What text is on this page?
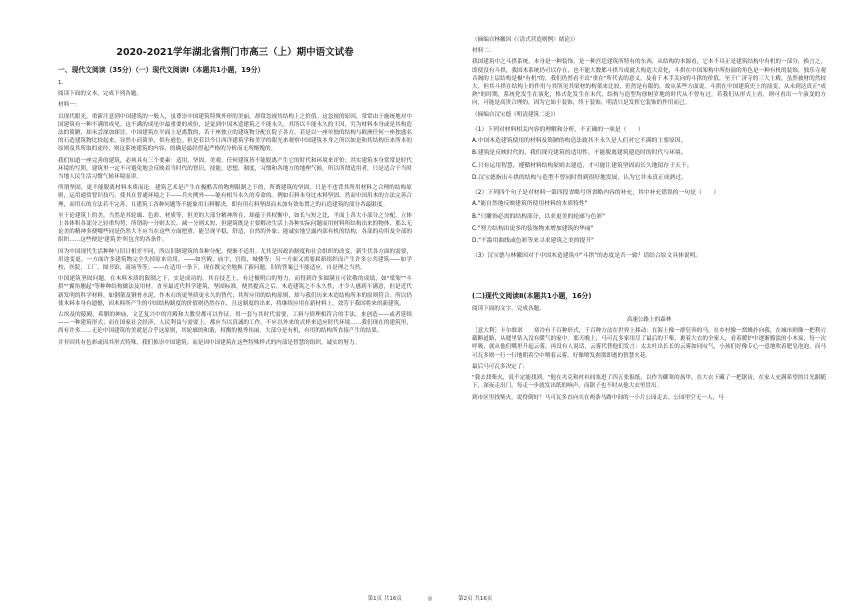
2020-2021学年湖北省荆门市高三（上）期中语文试卷
一、现代文阅读（35分）（一）现代文阅读Ⅰ（本题共1小题，19分）

1.

阅读下面的文本，完成下列各题。

材料一：

以现代眼光，重新注意到中国建筑的一般人，虽尊崇中国建筑特殊外形的美丽，却常忽视其结构上之价值。这忽视的原因，常常由于施统地对中国建筑有一种不满的成见。这不满的成见中最重要的成份，是觉到中国木造建筑之不能永久。其所以不能永久的主因，究为材料本身或是其构造法的简陋，却未尝深加探讨。中国建筑在平面上是离散的，若干座独立的建筑物分配在院子各方。若是以一座单独的结构与欧洲任何一座独盛名的石造建筑物比较起来，显然小而简单，似有逊色。但是若以今日西洋建筑学和美学的眼光来观察中国建筑本身之所以如是和其结构历来所本的原则及其所取的途径，则这系统建筑的内容，的确是最经得起严格的分析而无所惭愧的。

我们知道一座完善的建筑，必须具有三个要素：适用，坚固，美观。任何建筑皆不能脱离产生它的时代和环境来评价；其实建筑本身常常是时代环境的写照。建筑里一定不可避免地会反映着当时代的智识，技能，思想，制度，习惯和各地方的地理气候。所以所谓适用者，只是适合于当时当地人民生活习惯气候环境而讲。

所谓坚固，更不能脱离材料本质而论。建筑艺术是产生在极酷苦的物理限制之下的，所谓建筑的坚固，只是不违背其所用材料之合理的结构原则，运用通常智识技巧，使其在普通环境之下——兵火例外——能有相当永久的寿命的。例如石料本身比木料坚固，然而中国用木的方法完善合理，而用石的方法若不完善，且建筑工各种问题等不能象用石料解决，即有用石料坚固而未加有效布置之的石造建筑的部分各最限度。

至于论建筑上的美，当然是其轮廓、色彩、材质等，但美的大部分精神所在，却蕴于其权衡中，如长与短之比，平面上各大小部分之分配，立体上各体积各部分之轻重均势，所谓韵一分则太长，减一分则太短，但建筑既是主要解决生活上各种实际问题而用材料所结构出来的物体，那么无论美的精神多便哪些同是仍然大不应当在这些方面把重。能呈现平稳，舒适，自然的外象；能诚实地呈露内部有机的结构，各部的功用及全部的组织……这些便是'建筑美'所包含的各条件。

因为中国现代生活种种与旧日相差不同，所以旧制建筑的各种分配，便渐不适用。尤其是因政治制度和社会组织的改变，新生代各方面的需要，用途变更。一方面许多建筑物完全失掉原来功用，——如宫殿，庙宇，官衙，城楼等；另一方面又需要崭新组织而产生许多公共建筑——如学校，医院，工厂，图书馆，商场等等；——在适用一条下，现在既完全地换了新问题，旧的答案已不能适应，自是理之当然。

中国建筑坚固问题，在木料本质的限制之下，实是成功的。其在技艺上，有过极明白的努力，而得到许多圆满且可钦敬的成绩，如"梁架""斗拱""翼角翘起"等种种结构做法及用材。直至最近代科学建筑，坚固标准，便然提高之后，木造建筑之不永久性，才令人感到不满意，但是近代新发明的科学材料，如钢架及钢骨水泥，作木石的更坚质更永久的替代；其所应用的结构原则，却与我们历来木造结构所本的原则符合。所以仍使木料本身有遗憾，因木料所产生的中国结构制度的价值则仍然存在，且这制度的出来，将继续应用在新材料上，效劳于我国将来的新建筑。

古埃及的陵殿，希腊的神庙，文艺复兴中的宫殿和大教堂都可以作证，用一套与其时代需要，工料与情理相符合的手法，来创造——或者延续——一种建筑形式；而在国家社会经济，人民利益与需要上，都应当以真诚的工作。不应以外来的式样来适应时代环境……我们现在的建筑里，尚有许多……无论中国建筑的美就是合乎这原则，其轮廓的和谐，权衡的俊秀伟丽，大部分是有机，有用的结构所直接产生的结果。

并非因其有色彩或因其形式特殊，我们推崇中国建筑；而是因中国建筑在这些特殊样式的内部是智慧的组织，诚实的努力。

（摘编自林徽因《〈清式营造则例〉绪论》）

材料二：

我国建筑中之斗拱系统，本身是一种装饰，是一种宫廷建筑所特有的东西，从结构的本源看，它本不具正是建筑结构中有机的一部分，换言之，即使没有斗拱，我国木系统仍可以存在，也不能大数都斗拱当成就大构造大众化，斗拱在中国架构中所扮演的角色是一种有机的装饰，独乐寺观音阁的上层结构是极"有机"的，我们仍然看不出"重在"所代表的意义，及看千木手关向的斗拱的价值，至于广济寺的三大士殿，虽然被材的然较大，但其斗拱在结构上的作用与其所见其梁材的构架来比较，仍然是有限的，故从某些方面说，斗拱在中国建筑史上的演变，从未到达真正"成熟"的时期，系统化发生在演化，格式化发生在末代，结构与造型均徐树岁地的时代从不曾有过。若我们从形式上看，则可看出一个演变的方向，可能是高贵合理的，因为它始于装饰，终于装饰，明清只是发挥它装饰的作用而已。

（摘编自汉宝德《明清建筑二论》）

（1）下列对材料相关内容的理解和分析，不正确的一项是（　　）
A.中国木造建筑使用的材料及简陋的构造法致其不永久是人们对它不满的主要原因。
B.建筑是反映时代的，我们探究建筑的适用性，不能脱离建筑建造时的时代与环境。
C.只有运用智慧，遵循材料结构原则去建造，才可能让建筑坚固而长久地留存于天下。
D.汉宝德指出斗拱的结构与造型不曾同时得到很好地发展，认为它并未真正成熟过。
（2）下列四个句子是对材料一第四段省略号所省略内容的补充，其中补充错误的一句是（　　）
A."能自然地反映建筑所使用材料的本质特性"
B."只雕饰必需的结构部分，以求更美的轮廓与色彩"
C."努力结构出更多的装饰物来增加建筑的华丽"
D."不滥用曲线或色彩等来寻求建筑之美的提升"
（3）汉宝德与林徽因对于中国木造建筑中"斗拱"的态度是否一致？请结合原文具体说明。
(二)现代文阅读Ⅱ(本题共1小题，16分)

阅读下面的文字，完成各题。

高速公路上的森林

［意大利］卡尔维诺　　寒冷有千百种形式，千百种方法在世界上移动：在海上像一群狂奔的马，在乡村像一窝蜂扑向我，在城市则像一把利刃截断道路，从缝里钻入没有暖气的家中。那天晚上，马可瓦多家用尽了最后的干柴，裹着大衣的全家人，看着暖炉中逐渐黯淡的小木炭，每一次呼吸，就从他们嘴里升起云雾，再没有人说话，云雾代替他们发言：太太吐出长长的云雾如同叹气，小孩们好像专心一意地吹着肥皂泡泡，而马可瓦多则一行一行地朝着空中喷着云雾，好像喷发刹那即逝的智慧火花。

最后马可瓦多决定了：

"我去找柴火，说不定能找到。"他在夹克和衬衫间塞进了四五张报纸，以作为御寒的盔甲，在大衣下藏了一把锯齿，在家人充满希望的目光跟随下，深夜走出门，每走一步就发出纸的响声，而锯子也不时从他大衣里冒出。

到市区里找柴火，说得倒好！马可瓦多直向夹在两条马路中间的一小片公园走去。公园里空无一人，马

第1页 共16页	◎	第2页 共16页
